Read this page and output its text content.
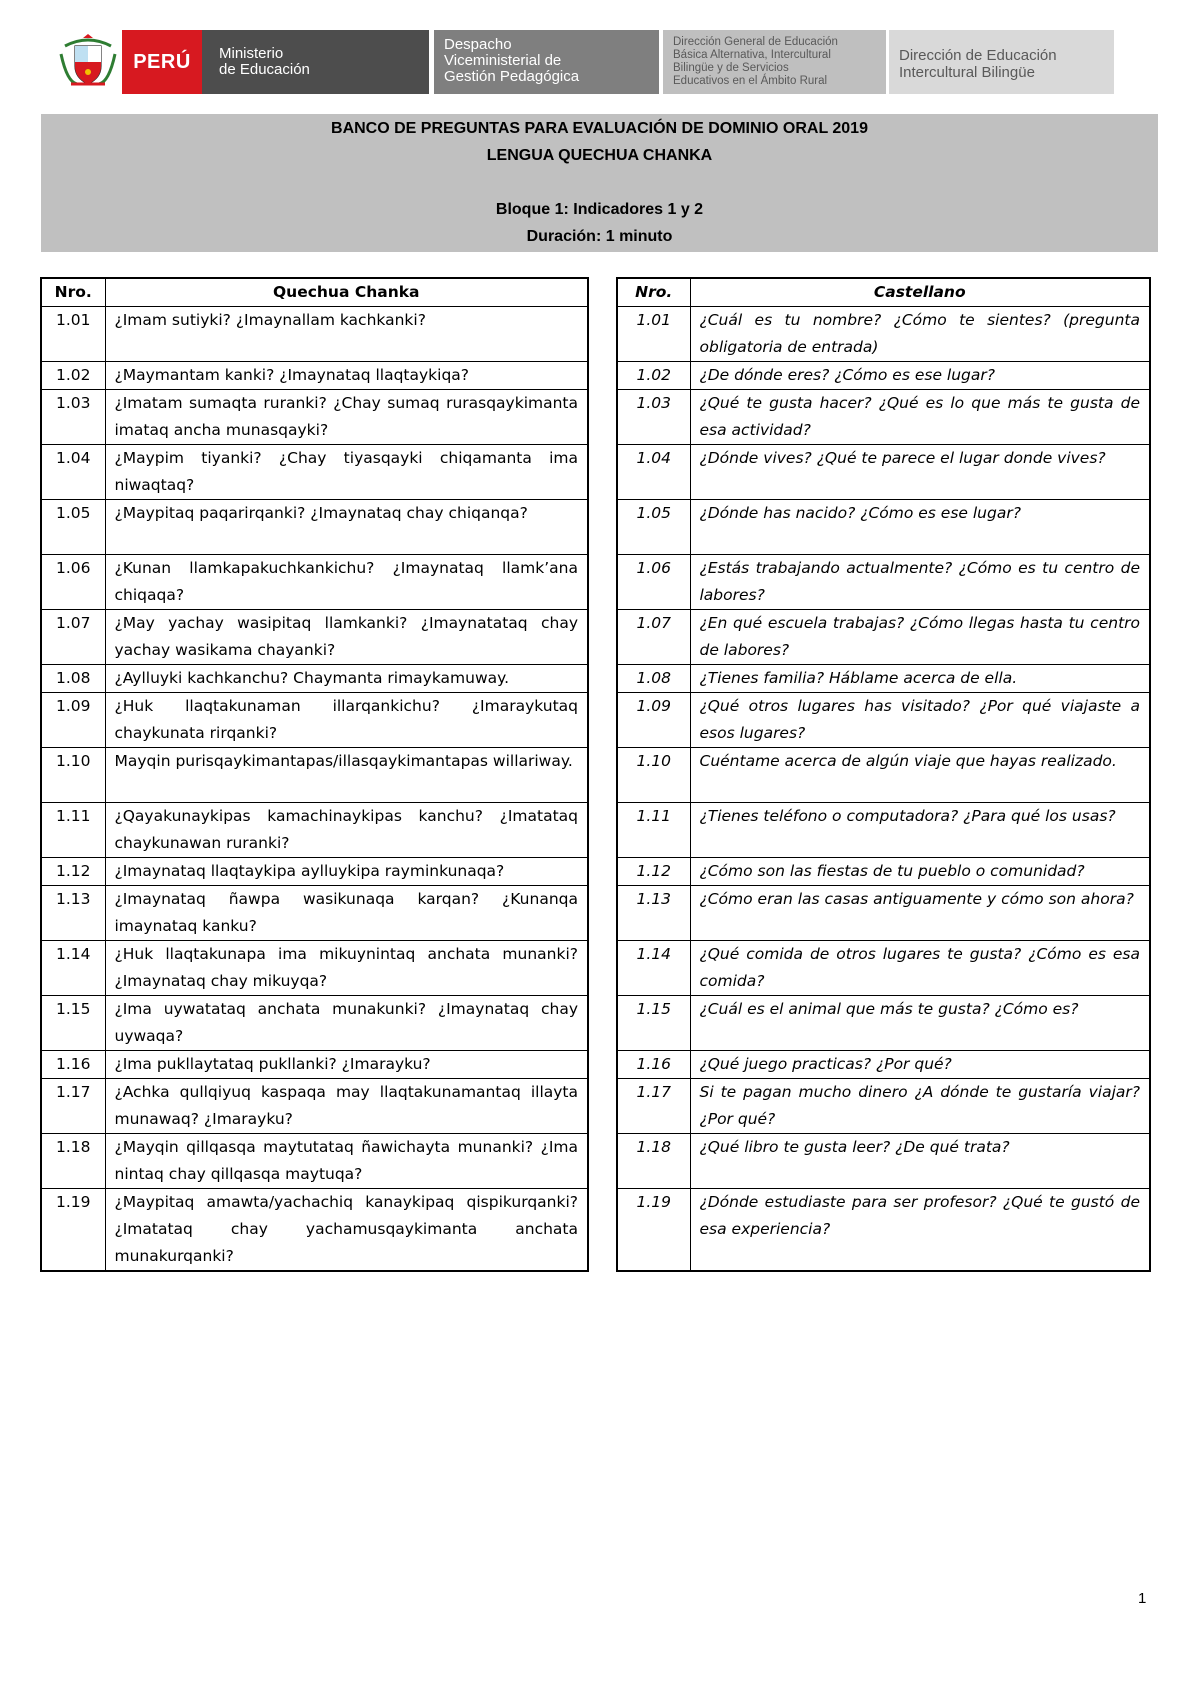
PERÚ	Ministerio
de Educación
Despacho
Viceministerial de
Gestión Pedagógica
Dirección General de Educación
Básica Alternativa, Intercultural
Bilingüe y de Servicios
Educativos en el Ámbito Rural
Dirección de Educación
Intercultural Bilingüe
BANCO DE PREGUNTAS PARA EVALUACIÓN DE DOMINIO ORAL 2019
LENGUA QUECHUA CHANKA
Bloque 1: Indicadores 1 y 2
Duración: 1 minuto
Nro.	Quechua Chanka
1.01	¿Imam sutiyki? ¿Imaynallam kachkanki?
1.02	¿Maymantam kanki? ¿Imaynataq llaqtaykiqa?
1.03	¿Imatam sumaqta ruranki? ¿Chay sumaq rurasqaykimanta imataq ancha munasqayki?
1.04	¿Maypim tiyanki? ¿Chay tiyasqayki chiqamanta ima niwaqtaq?
1.05	¿Maypitaq paqarirqanki? ¿Imaynataq chay chiqanqa?
1.06	¿Kunan llamkapakuchkankichu? ¿Imaynataq llamk’ana chiqaqa?
1.07	¿May yachay wasipitaq llamkanki? ¿Imaynatataq chay yachay wasikama chayanki?
1.08	¿Aylluyki kachkanchu? Chaymanta rimaykamuway.
1.09	¿Huk llaqtakunaman illarqankichu? ¿Imaraykutaq chaykunata rirqanki?
1.10	Mayqin purisqaykimantapas/illasqaykimantapas willariway.
1.11	¿Qayakunaykipas kamachinaykipas kanchu? ¿Imatataq chaykunawan ruranki?
1.12	¿Imaynataq llaqtaykipa aylluykipa rayminkunaqa?
1.13	¿Imaynataq ñawpa wasikunaqa karqan? ¿Kunanqa imaynataq kanku?
1.14	¿Huk llaqtakunapa ima mikuynintaq anchata munanki? ¿Imaynataq chay mikuyqa?
1.15	¿Ima uywatataq anchata munakunki? ¿Imaynataq chay uywaqa?
1.16	¿Ima pukllaytataq pukllanki? ¿Imarayku?
1.17	¿Achka qullqiyuq kaspaqa may llaqtakunamantaq illayta munawaq? ¿Imarayku?
1.18	¿Mayqin qillqasqa maytutataq ñawichayta munanki? ¿Ima nintaq chay qillqasqa maytuqa?
1.19	¿Maypitaq amawta/yachachiq kanaykipaq qispikurqanki? ¿Imatataq chay yachamusqaykimanta anchata munakurqanki?
Nro.	Castellano
1.01	¿Cuál es tu nombre? ¿Cómo te sientes? (pregunta obligatoria de entrada)
1.02	¿De dónde eres? ¿Cómo es ese lugar?
1.03	¿Qué te gusta hacer? ¿Qué es lo que más te gusta de esa actividad?
1.04	¿Dónde vives? ¿Qué te parece el lugar donde vives?
1.05	¿Dónde has nacido? ¿Cómo es ese lugar?
1.06	¿Estás trabajando actualmente? ¿Cómo es tu centro de labores?
1.07	¿En qué escuela trabajas? ¿Cómo llegas hasta tu centro de labores?
1.08	¿Tienes familia? Háblame acerca de ella.
1.09	¿Qué otros lugares has visitado? ¿Por qué viajaste a esos lugares?
1.10	Cuéntame acerca de algún viaje que hayas realizado.
1.11	¿Tienes teléfono o computadora? ¿Para qué los usas?
1.12	¿Cómo son las fiestas de tu pueblo o comunidad?
1.13	¿Cómo eran las casas antiguamente y cómo son ahora?
1.14	¿Qué comida de otros lugares te gusta? ¿Cómo es esa comida?
1.15	¿Cuál es el animal que más te gusta? ¿Cómo es?
1.16	¿Qué juego practicas? ¿Por qué?
1.17	Si te pagan mucho dinero ¿A dónde te gustaría viajar? ¿Por qué?
1.18	¿Qué libro te gusta leer? ¿De qué trata?
1.19	¿Dónde estudiaste para ser profesor? ¿Qué te gustó de esa experiencia?
1
